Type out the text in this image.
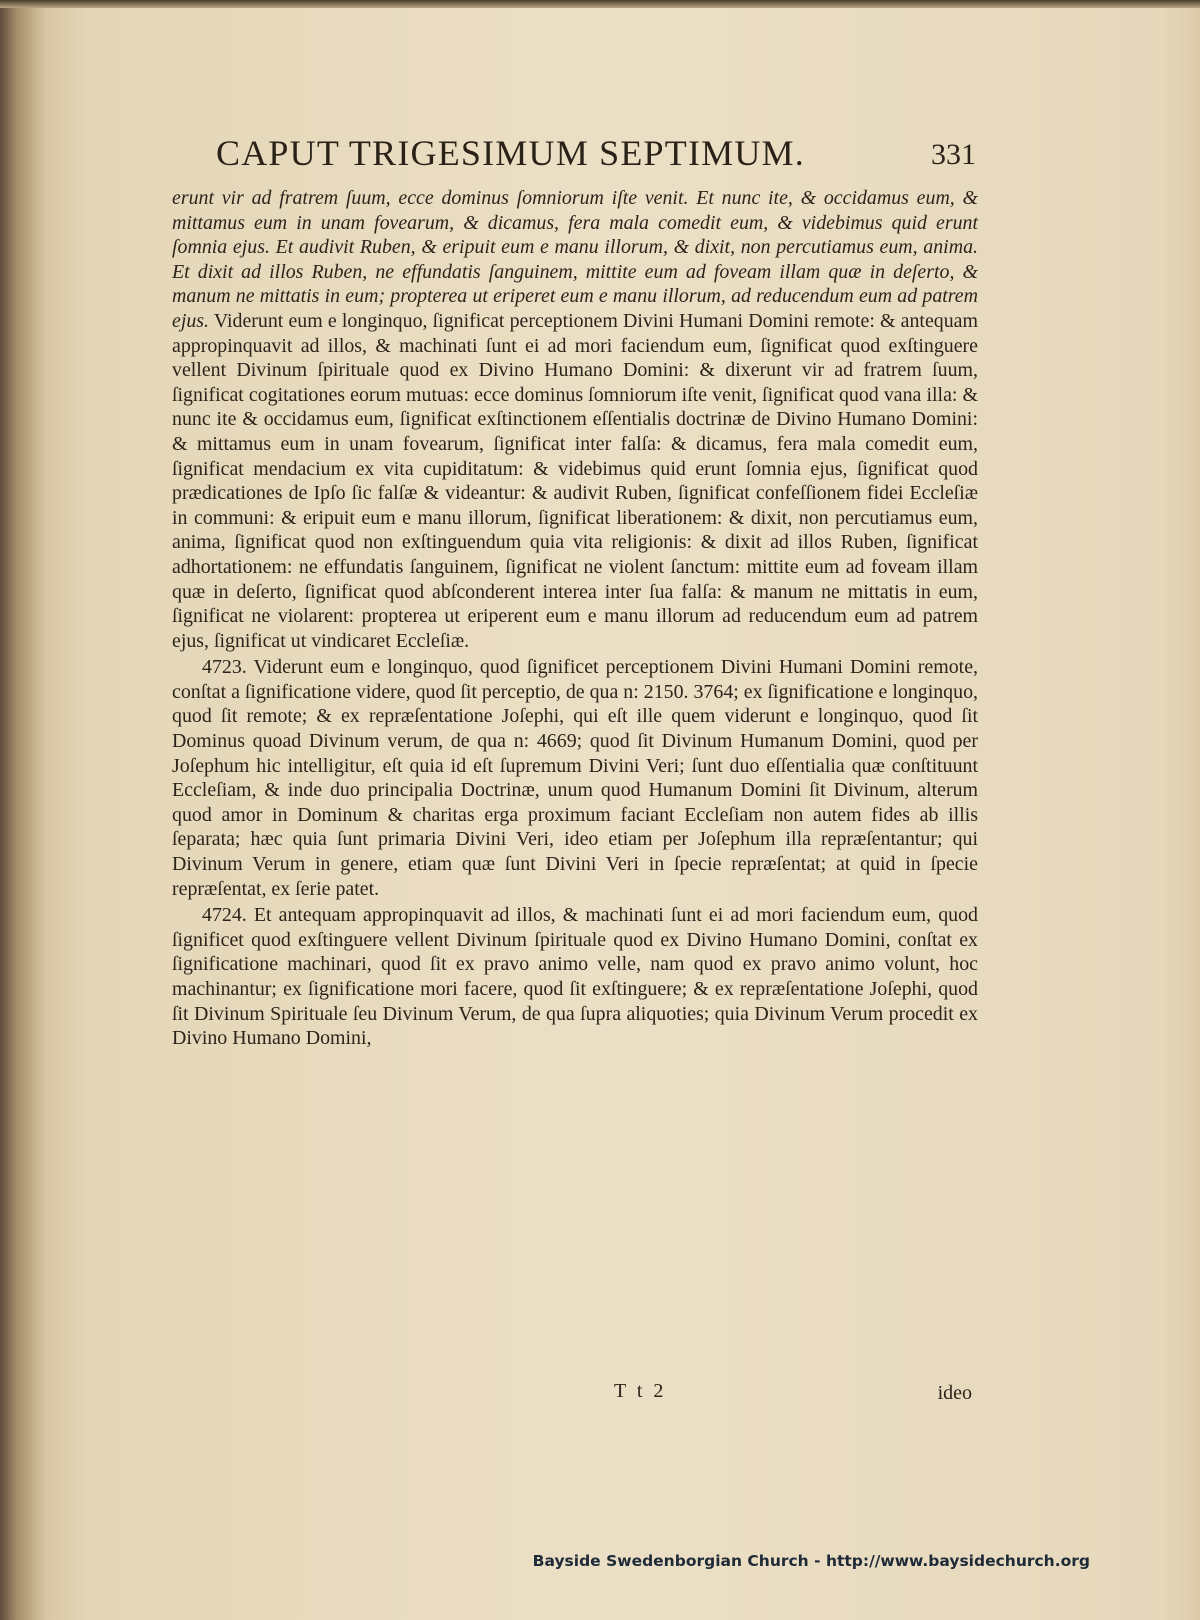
CAPUT TRIGESIMUM SEPTIMUM.	331

erunt vir ad fratrem ſuum, ecce dominus ſomniorum iſte venit. Et nunc ite, & occidamus eum, & mittamus eum in unam fovearum, & dicamus, fera mala comedit eum, & videbimus quid erunt ſomnia ejus. Et audivit Ruben, & eripuit eum e manu illorum, & dixit, non percutiamus eum, anima. Et dixit ad illos Ruben, ne effundatis ſanguinem, mittite eum ad foveam illam quæ in deſerto, & manum ne mittatis in eum; propterea ut eriperet eum e manu illorum, ad reducendum eum ad patrem ejus. Viderunt eum e longinquo, ſignificat perceptionem Divini Humani Domini remote: & antequam appropinquavit ad illos, & machinati ſunt ei ad mori faciendum eum, ſignificat quod exſtinguere vellent Divinum ſpirituale quod ex Divino Humano Domini: & dixerunt vir ad fratrem ſuum, ſignificat cogitationes eorum mutuas: ecce dominus ſomniorum iſte venit, ſignificat quod vana illa: & nunc ite & occidamus eum, ſignificat exſtinctionem eſſentialis doctrinæ de Divino Humano Domini: & mittamus eum in unam fovearum, ſignificat inter falſa: & dicamus, fera mala comedit eum, ſignificat mendacium ex vita cupiditatum: & videbimus quid erunt ſomnia ejus, ſignificat quod prædicationes de Ipſo ſic falſæ & videantur: & audivit Ruben, ſignificat confeſſionem fidei Eccleſiæ in communi: & eripuit eum e manu illorum, ſignificat liberationem: & dixit, non percutiamus eum, anima, ſignificat quod non exſtinguendum quia vita religionis: & dixit ad illos Ruben, ſignificat adhortationem: ne effundatis ſanguinem, ſignificat ne violent ſanctum: mittite eum ad foveam illam quæ in deſerto, ſignificat quod abſconderent interea inter ſua falſa: & manum ne mittatis in eum, ſignificat ne violarent: propterea ut eriperent eum e manu illorum ad reducendum eum ad patrem ejus, ſignificat ut vindicaret Eccleſiæ.

4723. Viderunt eum e longinquo, quod ſignificet perceptionem Divini Humani Domini remote, conſtat a ſignificatione videre, quod ſit perceptio, de qua n: 2150. 3764; ex ſignificatione e longinquo, quod ſit remote; & ex repræſentatione Joſephi, qui eſt ille quem viderunt e longinquo, quod ſit Dominus quoad Divinum verum, de qua n: 4669; quod ſit Divinum Humanum Domini, quod per Joſephum hic intelligitur, eſt quia id eſt ſupremum Divini Veri; ſunt duo eſſentialia quæ conſtituunt Eccleſiam, & inde duo principalia Doctrinæ, unum quod Humanum Domini ſit Divinum, alterum quod amor in Dominum & charitas erga proximum faciant Eccleſiam non autem fides ab illis ſeparata; hæc quia ſunt primaria Divini Veri, ideo etiam per Joſephum illa repræſentantur; qui Divinum Verum in genere, etiam quæ ſunt Divini Veri in ſpecie repræſentat; at quid in ſpecie repræſentat, ex ſerie patet.

4724. Et antequam appropinquavit ad illos, & machinati ſunt ei ad mori faciendum eum, quod ſignificet quod exſtinguere vellent Divinum ſpirituale quod ex Divino Humano Domini, conſtat ex ſignificatione machinari, quod ſit ex pravo animo velle, nam quod ex pravo animo volunt, hoc machinantur; ex ſignificatione mori facere, quod ſit exſtinguere; & ex repræſentatione Joſephi, quod ſit Divinum Spirituale ſeu Divinum Verum, de qua ſupra aliquoties; quia Divinum Verum procedit ex Divino Humano Domini,

T t 2	ideo
Bayside Swedenborgian Church - http://www.baysidechurch.org
